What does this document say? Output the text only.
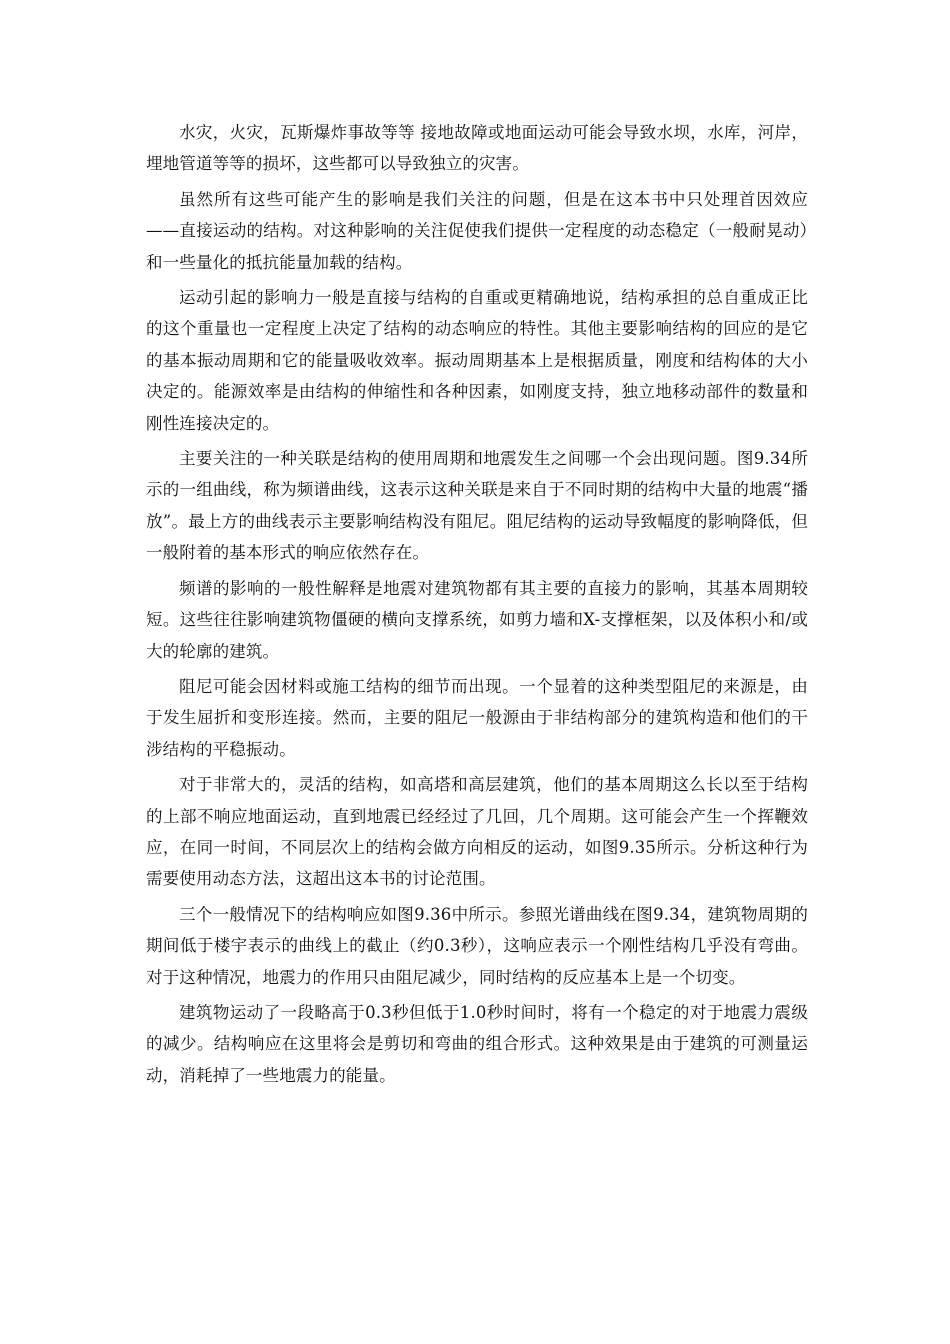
水灾，火灾，瓦斯爆炸事故等等 接地故障或地面运动可能会导致水坝，水库，河岸，埋地管道等等的损坏，这些都可以导致独立的灾害。

虽然所有这些可能产生的影响是我们关注的问题，但是在这本书中只处理首因效应——直接运动的结构。对这种影响的关注促使我们提供一定程度的动态稳定（一般耐晃动）和一些量化的抵抗能量加载的结构。

运动引起的影响力一般是直接与结构的自重或更精确地说，结构承担的总自重成正比的这个重量也一定程度上决定了结构的动态响应的特性。其他主要影响结构的回应的是它的基本振动周期和它的能量吸收效率。振动周期基本上是根据质量，刚度和结构体的大小决定的。能源效率是由结构的伸缩性和各种因素，如刚度支持，独立地移动部件的数量和刚性连接决定的。

主要关注的一种关联是结构的使用周期和地震发生之间哪一个会出现问题。图9.34所示的一组曲线，称为频谱曲线，这表示这种关联是来自于不同时期的结构中大量的地震“播放”。最上方的曲线表示主要影响结构没有阻尼。阻尼结构的运动导致幅度的影响降低，但一般附着的基本形式的响应依然存在。

频谱的影响的一般性解释是地震对建筑物都有其主要的直接力的影响，其基本周期较短。这些往往影响建筑物僵硬的横向支撑系统，如剪力墙和X-支撑框架，以及体积小和/或大的轮廓的建筑。

阻尼可能会因材料或施工结构的细节而出现。一个显着的这种类型阻尼的来源是，由于发生屈折和变形连接。然而，主要的阻尼一般源由于非结构部分的建筑构造和他们的干涉结构的平稳振动。

对于非常大的，灵活的结构，如高塔和高层建筑，他们的基本周期这么长以至于结构的上部不响应地面运动，直到地震已经经过了几回，几个周期。这可能会产生一个挥鞭效应，在同一时间，不同层次上的结构会做方向相反的运动，如图9.35所示。分析这种行为需要使用动态方法，这超出这本书的讨论范围。

三个一般情况下的结构响应如图9.36中所示。参照光谱曲线在图9.34，建筑物周期的期间低于楼宇表示的曲线上的截止（约0.3秒），这响应表示一个刚性结构几乎没有弯曲。对于这种情况，地震力的作用只由阻尼减少，同时结构的反应基本上是一个切变。

建筑物运动了一段略高于0.3秒但低于1.0秒时间时，将有一个稳定的对于地震力震级的减少。结构响应在这里将会是剪切和弯曲的组合形式。这种效果是由于建筑的可测量运动，消耗掉了一些地震力的能量。
